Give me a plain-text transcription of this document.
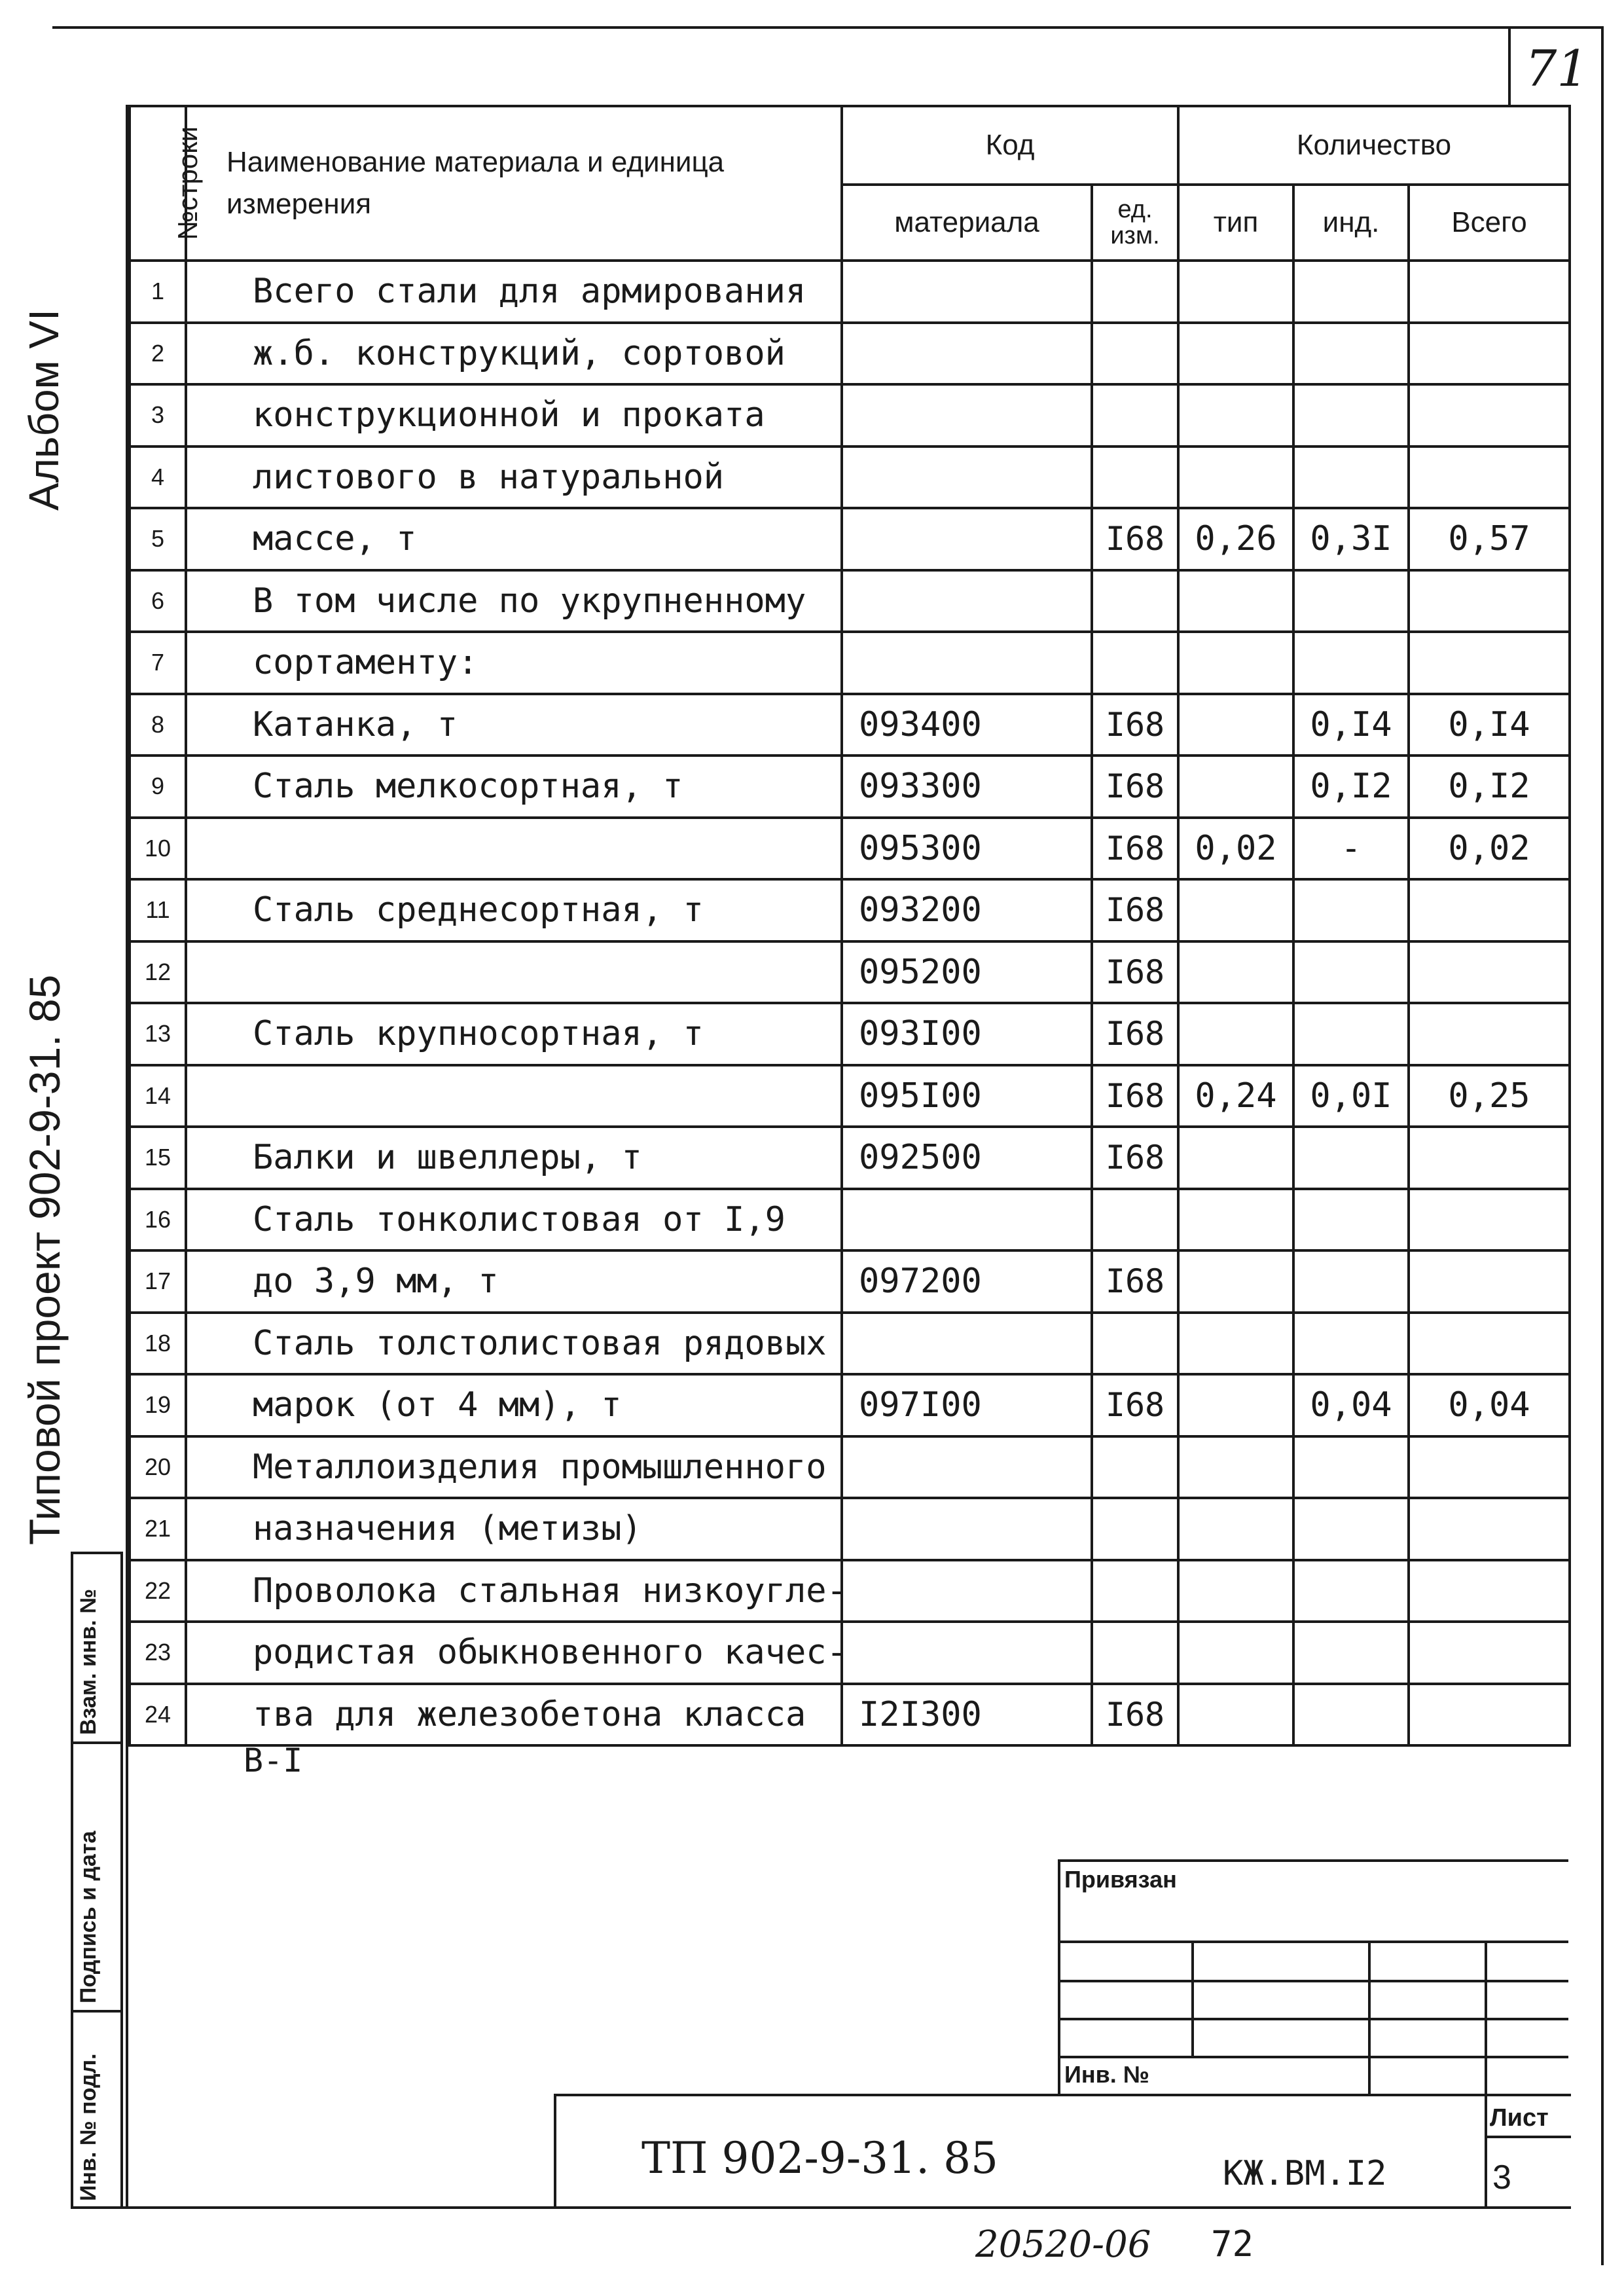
71
Альбом VI
Типовой проект 902-9-31. 85
Взам. инв. №
Подпись и дата
Инв. № подл.
№строки	Наименование материала и единица измерения	Код		Количество		
		материала	ед. изм.	тип	инд.	Всего
1	Всего стали для армирования					
2	ж.б. конструкций, сортовой					
3	конструкционной и проката					
4	листового в натуральной					
5	массе, т		I68	0,26	0,3I	0,57
6	В том числе по укрупненному					
7	сортаменту:					
8	Катанка, т	093400	I68		0,I4	0,I4
9	Сталь мелкосортная, т	093300	I68		0,I2	0,I2
10		095300	I68	0,02	-	0,02
11	Сталь среднесортная, т	093200	I68			
12		095200	I68			
13	Сталь крупносортная, т	093I00	I68			
14		095I00	I68	0,24	0,0I	0,25
15	Балки и швеллеры, т	092500	I68			
16	Сталь тонколистовая от I,9					
17	до 3,9 мм, т	097200	I68			
18	Сталь толстолистовая рядовых					
19	марок (от 4 мм), т	097I00	I68		0,04	0,04
20	Металлоизделия промышленного					
21	назначения (метизы)					
22	Проволока стальная низкоугле-					
23	родистая обыкновенного качес-					
24	тва для железобетона класса	I2I300	I68			
В-I
Привязан
Инв. №
ТП 902-9-31. 85	КЖ.ВМ.I2
Лист
3
20520-06 72
